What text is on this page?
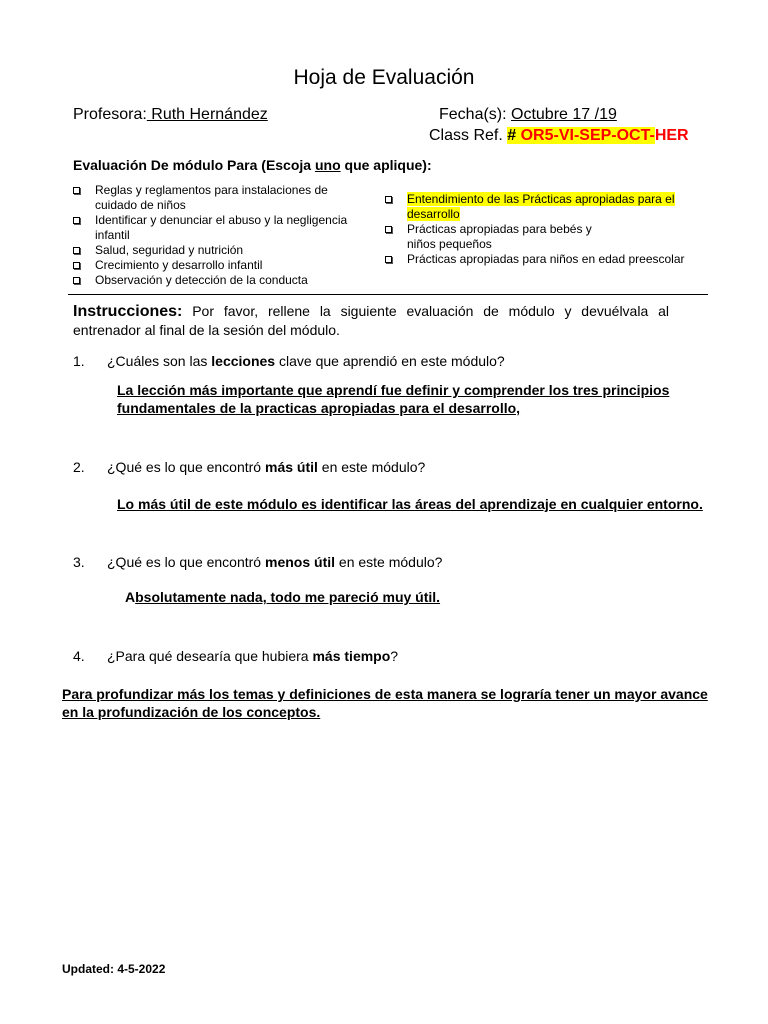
Hoja de Evaluación
Profesora: Ruth Hernández	Fecha(s): Octubre 17 /19
Class Ref. # OR5-VI-SEP-OCT-HER
Evaluación De módulo Para (Escoja uno que aplique):
Reglas y reglamentos para instalaciones de cuidado de niños
Identificar y denunciar el abuso y la negligencia infantil
Salud, seguridad y nutrición
Crecimiento y desarrollo infantil
Observación y detección de la conducta
Entendimiento de las Prácticas apropiadas para el desarrollo
Prácticas apropiadas para bebés y niños pequeños
Prácticas apropiadas para niños en edad preescolar
Instrucciones: Por favor, rellene la siguiente evaluación de módulo y devuélvala al entrenador al final de la sesión del módulo.
1. ¿Cuáles son las lecciones clave que aprendió en este módulo?
La lección más importante que aprendí fue definir y comprender los tres principios fundamentales de la practicas apropiadas para el desarrollo,
2. ¿Qué es lo que encontró más útil en este módulo?
Lo más útil de este módulo es identificar las áreas del aprendizaje en cualquier entorno.
3. ¿Qué es lo que encontró menos útil en este módulo?
Absolutamente nada, todo me pareció muy útil.
4. ¿Para qué desearía que hubiera más tiempo?
Para profundizar más los temas y definiciones de esta manera se lograría tener un mayor avance en la profundización de los conceptos.
Updated: 4-5-2022
